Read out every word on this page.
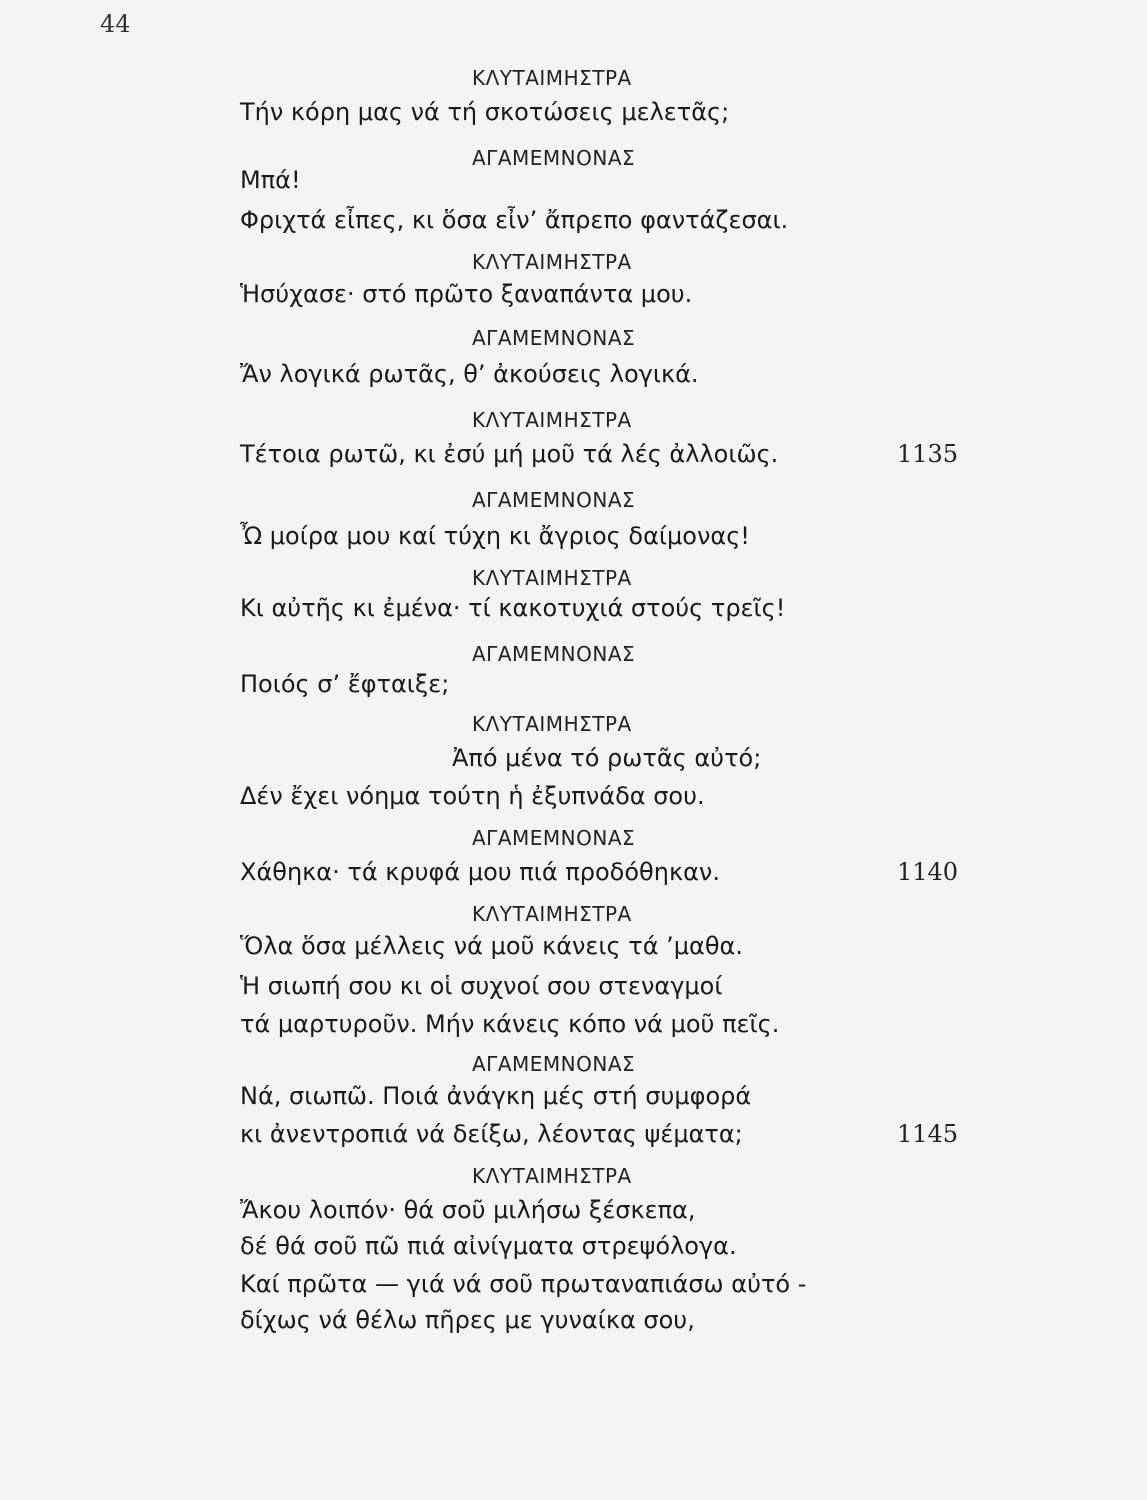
44
ΚΛΥΤΑΙΜΗΣΤΡΑ
Τήν κόρη μας νά τή σκοτώσεις μελετᾶς;
ΑΓΑΜΕΜΝΟΝΑΣ
Μπά!
Φριχτά εἶπες, κι ὅσα εἶν’ ἄπρεπο φαντάζεσαι.
ΚΛΥΤΑΙΜΗΣΤΡΑ
Ἡσύχασε· στό πρῶτο ξαναπάντα μου.
ΑΓΑΜΕΜΝΟΝΑΣ
Ἄν λογικά ρωτᾶς, θ’ ἀκούσεις λογικά.
ΚΛΥΤΑΙΜΗΣΤΡΑ
Τέτοια ρωτῶ, κι ἐσύ μή μοῦ τά λές ἀλλοιῶς.	1135
ΑΓΑΜΕΜΝΟΝΑΣ
Ὦ μοίρα μου καί τύχη κι ἄγριος δαίμονας!
ΚΛΥΤΑΙΜΗΣΤΡΑ
Κι αὐτῆς κι ἐμένα· τί κακοτυχιά στούς τρεῖς!
ΑΓΑΜΕΜΝΟΝΑΣ
Ποιός σ’ ἔφταιξε;
ΚΛΥΤΑΙΜΗΣΤΡΑ
Ἀπό μένα τό ρωτᾶς αὐτό;
Δέν ἔχει νόημα τούτη ἡ ἐξυπνάδα σου.
ΑΓΑΜΕΜΝΟΝΑΣ
Χάθηκα· τά κρυφά μου πιά προδόθηκαν.	1140
ΚΛΥΤΑΙΜΗΣΤΡΑ
Ὅλα ὅσα μέλλεις νά μοῦ κάνεις τά ’μαθα.
Ἡ σιωπή σου κι οἱ συχνοί σου στεναγμοί
τά μαρτυροῦν. Μήν κάνεις κόπο νά μοῦ πεῖς.
ΑΓΑΜΕΜΝΟΝΑΣ
Νά, σιωπῶ. Ποιά ἀνάγκη μές στή συμφορά
κι ἀνεντροπιά νά δείξω, λέοντας ψέματα;	1145
ΚΛΥΤΑΙΜΗΣΤΡΑ
Ἄκου λοιπόν· θά σοῦ μιλήσω ξέσκεπα,
δέ θά σοῦ πῶ πιά αἰνίγματα στρεψόλογα.
Καί πρῶτα — γιά νά σοῦ πρωταναπιάσω αὐτό -
δίχως νά θέλω πῆρες με γυναίκα σου,
